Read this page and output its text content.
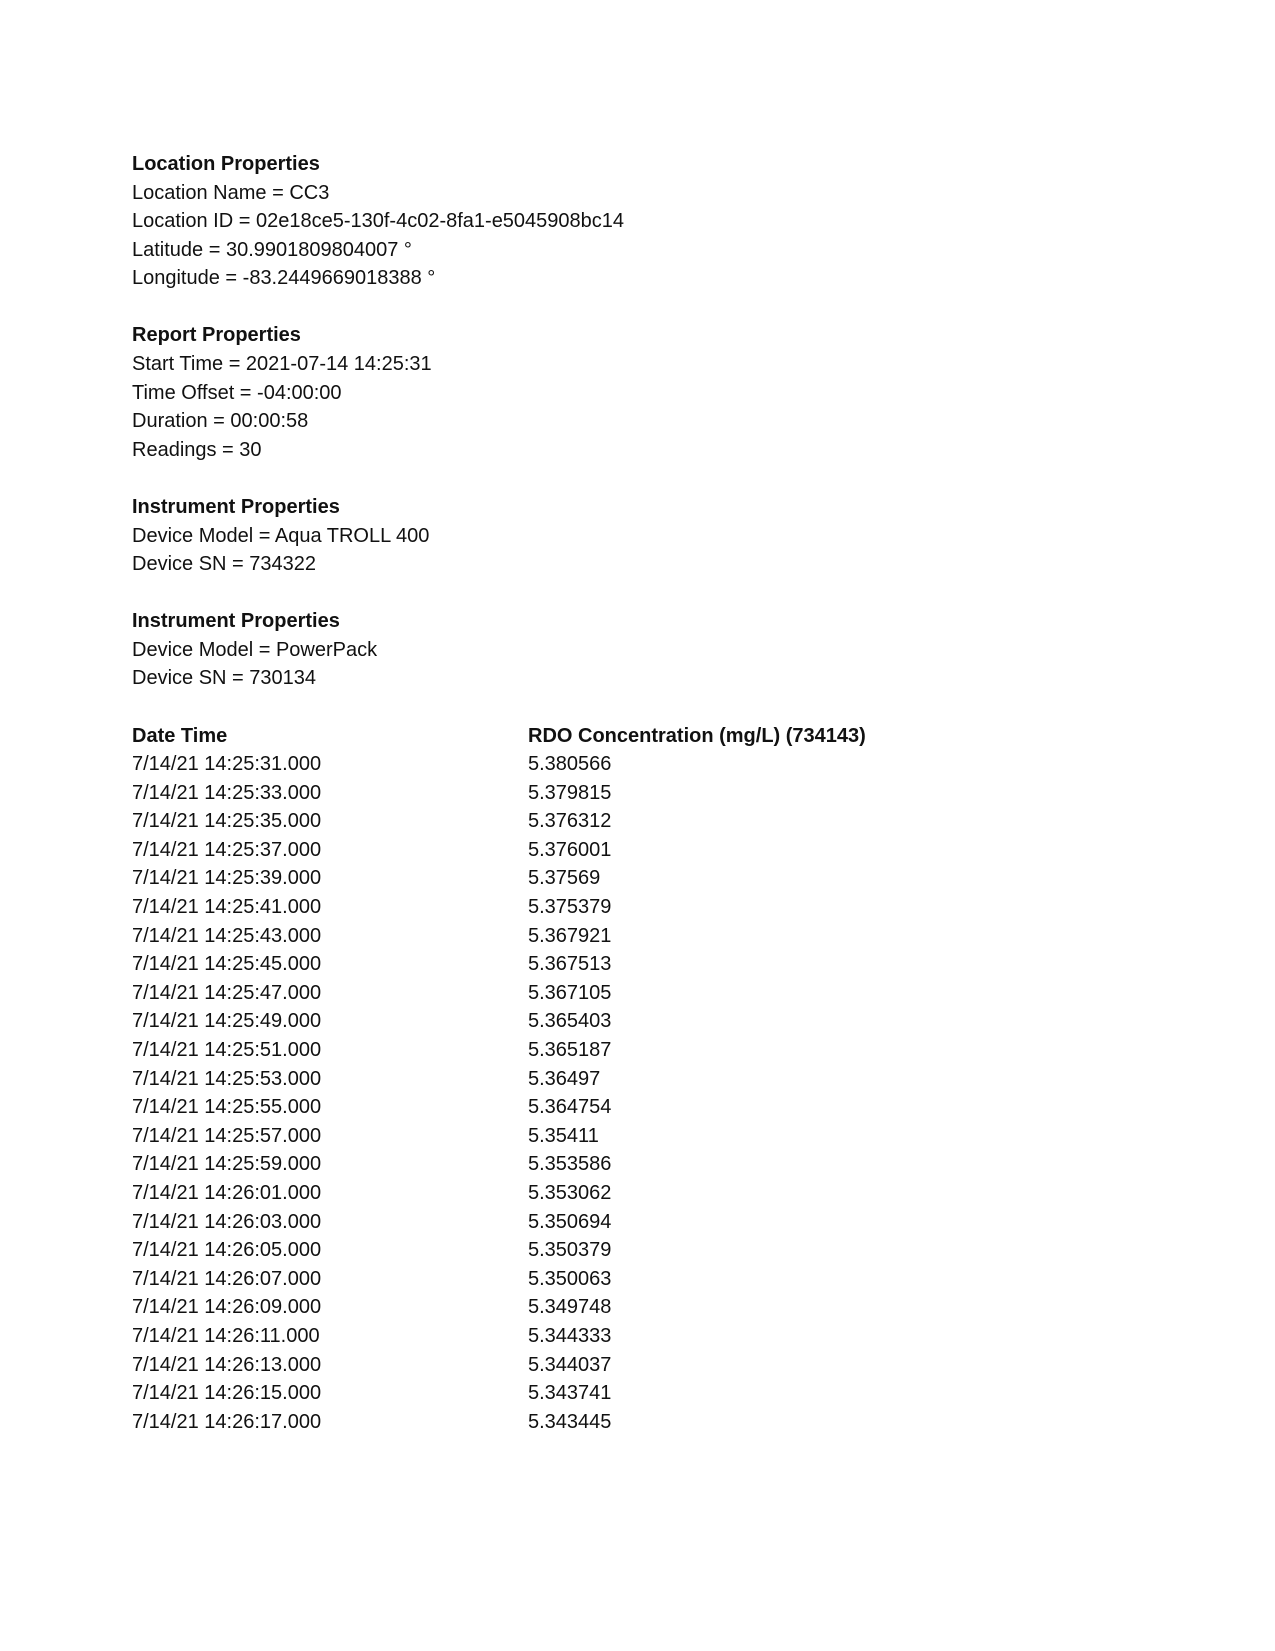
Location Properties
Location Name = CC3
Location ID = 02e18ce5-130f-4c02-8fa1-e5045908bc14
Latitude = 30.9901809804007 °
Longitude = -83.2449669018388 °
Report Properties
Start Time = 2021-07-14 14:25:31
Time Offset = -04:00:00
Duration = 00:00:58
Readings = 30
Instrument Properties
Device Model = Aqua TROLL 400
Device SN = 734322
Instrument Properties
Device Model = PowerPack
Device SN = 730134
Date Time	RDO Concentration (mg/L) (734143)
7/14/21 14:25:31.000	5.380566
7/14/21 14:25:33.000	5.379815
7/14/21 14:25:35.000	5.376312
7/14/21 14:25:37.000	5.376001
7/14/21 14:25:39.000	5.37569
7/14/21 14:25:41.000	5.375379
7/14/21 14:25:43.000	5.367921
7/14/21 14:25:45.000	5.367513
7/14/21 14:25:47.000	5.367105
7/14/21 14:25:49.000	5.365403
7/14/21 14:25:51.000	5.365187
7/14/21 14:25:53.000	5.36497
7/14/21 14:25:55.000	5.364754
7/14/21 14:25:57.000	5.35411
7/14/21 14:25:59.000	5.353586
7/14/21 14:26:01.000	5.353062
7/14/21 14:26:03.000	5.350694
7/14/21 14:26:05.000	5.350379
7/14/21 14:26:07.000	5.350063
7/14/21 14:26:09.000	5.349748
7/14/21 14:26:11.000	5.344333
7/14/21 14:26:13.000	5.344037
7/14/21 14:26:15.000	5.343741
7/14/21 14:26:17.000	5.343445
